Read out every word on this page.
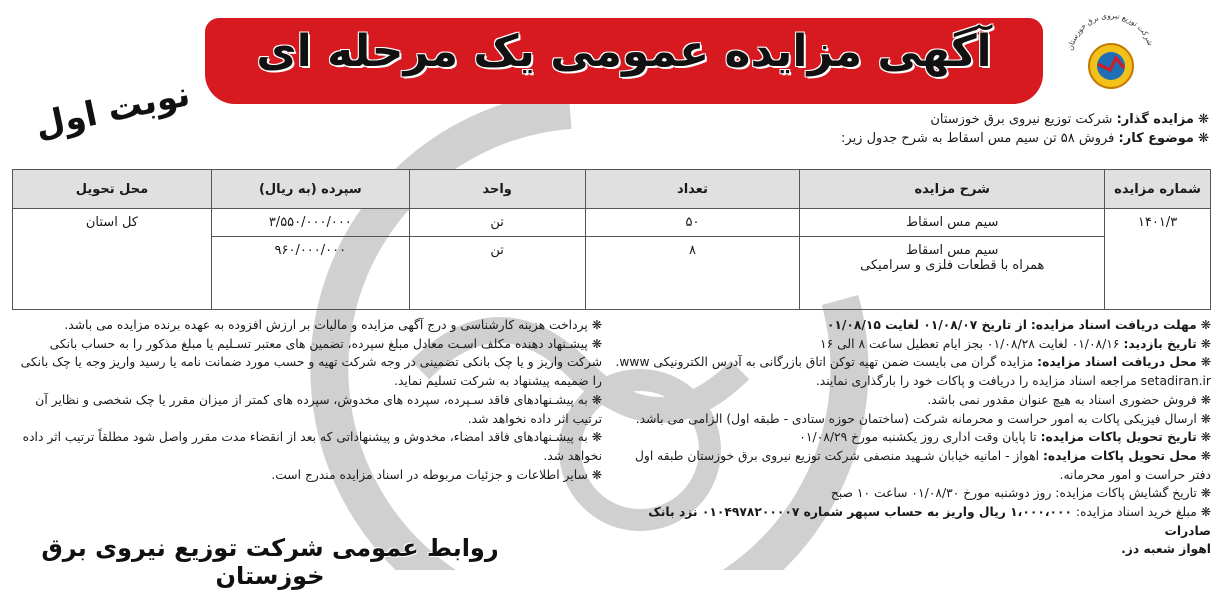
آگهی مزایده عمومی یک مرحله ای	شرکت توزیع نیروی برق خوزستان
نوبت اول	❋ مزایده گذار: شرکت توزیع نیروی برق خوزستان
❋ موضوع کار: فروش ۵۸ تن سیم مس اسقاط به شرح جدول زیر:
شماره مزایده	شرح مزایده	تعداد	واحد	سپرده (به ریال)	محل تحویل
۱۴۰۱/۳	سیم مس اسقاط	۵۰	تن	۳/۵۵۰/۰۰۰/۰۰۰	کل استان

	سیم مس اسقاط
همراه با قطعات فلزی و سرامیکی	۸	تن	۹۶۰/۰۰۰/۰۰۰	

❋ مهلت دریافت اسناد مزایده: از تاریخ ۰۱/۰۸/۰۷ لغایت ۰۱/۰۸/۱۵

❋ تاریخ بازدید: ۰۱/۰۸/۱۶ لغایت ۰۱/۰۸/۲۸ بجز ایام تعطیل ساعت ۸ الی ۱۶

❋ محل دریافت اسناد مزایده: مزایده گران می بایست ضمن تهیه توکن اتاق بازرگانی به آدرس الکترونیکی www.

setadiran.ir مراجعه اسناد مزایده را دریافت و پاکات خود را بارگذاری نمایند.

❋ فروش حضوری اسناد به هیچ عنوان مقدور نمی باشد.

❋ ارسال فیزیکی پاکات به امور حراست و محرمانه شرکت (ساختمان حوزه ستادی - طبقه اول) الزامی می باشد.

❋ تاریخ تحویل پاکات مزایده: تا پایان وقت اداری روز یکشنبه مورخ ۰۱/۰۸/۲۹

❋ محل تحویل پاکات مزایده: اهواز - امانیه خیابان شـهید منصفی شرکت توزیع نیروی برق خوزستان طبقه اول

دفتر حراست و امور محرمانه.

❋ تاریخ گشایش پاکات مزایده: روز دوشنبه مورخ ۰۱/۰۸/۳۰ ساعت ۱۰ صبح

❋ مبلغ خرید اسناد مزایده: ۱،۰۰۰،۰۰۰ ریال واریز به حساب سپهر شماره ۰۱۰۴۹۷۸۲۰۰۰۰۷ نزد بانک صادرات

اهواز شعبه دز.

❋ پرداخت هزینه کارشناسی و درج آگهی مزایده و مالیات بر ارزش افزوده به عهده برنده مزایده می باشد.

❋ پیشـنهاد دهنده مکلف اسـت معادل مبلغ سپرده، تضمین های معتبر تسـلیم یا مبلغ مذکور را به حساب بانکی

شرکت واریز و یا چک بانکی تضمینی در وجه شرکت تهیه و حسب مورد ضمانت نامه یا رسید واریز وجه یا چک بانکی

را ضمیمه پیشنهاد به شرکت تسلیم نماید.

❋ به پیشـنهادهای فاقد سـپرده، سپرده های مخدوش، سپرده های کمتر از میزان مقرر یا چک شخصی و نظایر آن

ترتیب اثر داده نخواهد شد.

❋ به پیشـنهادهای فاقد امضاء، مخدوش و پیشنهاداتی که بعد از انقضاء مدت مقرر واصل شود مطلقاً ترتیب اثر داده

نخواهد شد.

❋ سایر اطلاعات و جزئیات مربوطه در اسناد مزایده مندرج است.

روابط عمومی شرکت توزیع نیروی برق خوزستان
